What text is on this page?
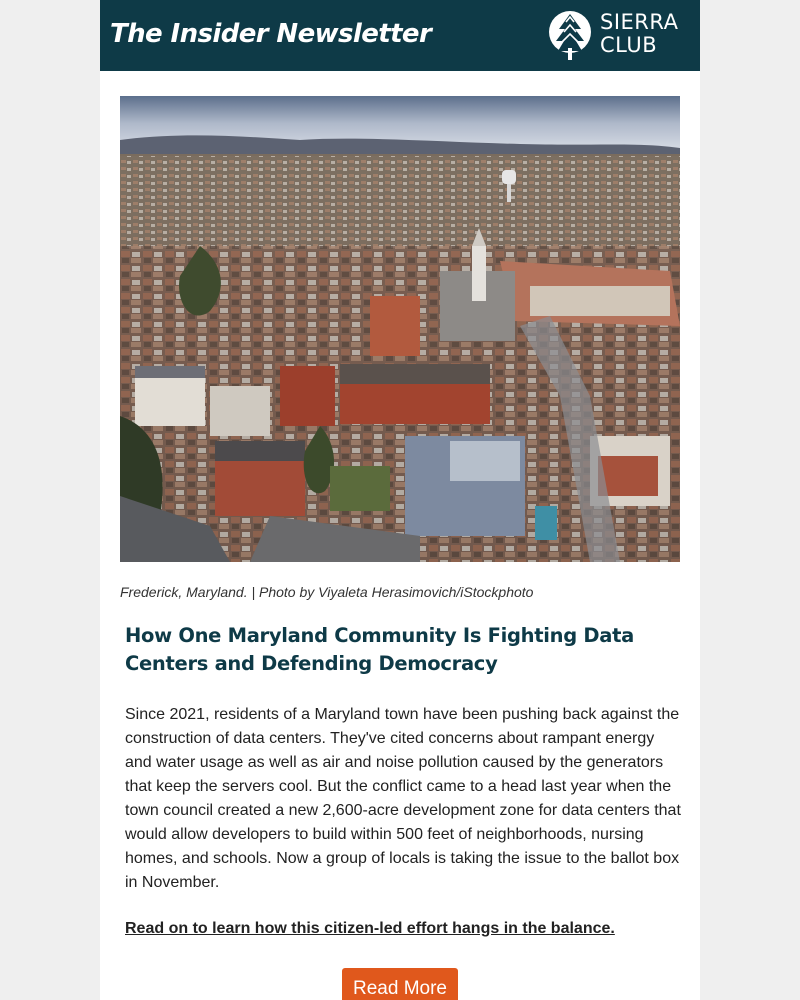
The Insider Newsletter	SIERRA
CLUB
Frederick, Maryland. | Photo by Viyaleta Herasimovich/iStockphoto
How One Maryland Community Is Fighting Data Centers and Defending Democracy

Since 2021, residents of a Maryland town have been pushing back against the construction of data centers. They've cited concerns about rampant energy and water usage as well as air and noise pollution caused by the generators that keep the servers cool. But the conflict came to a head last year when the town council created a new 2,600-acre development zone for data centers that would allow developers to build within 500 feet of neighborhoods, nursing homes, and schools. Now a group of locals is taking the issue to the ballot box in November.

Read on to learn how this citizen-led effort hangs in the balance.
Read More
